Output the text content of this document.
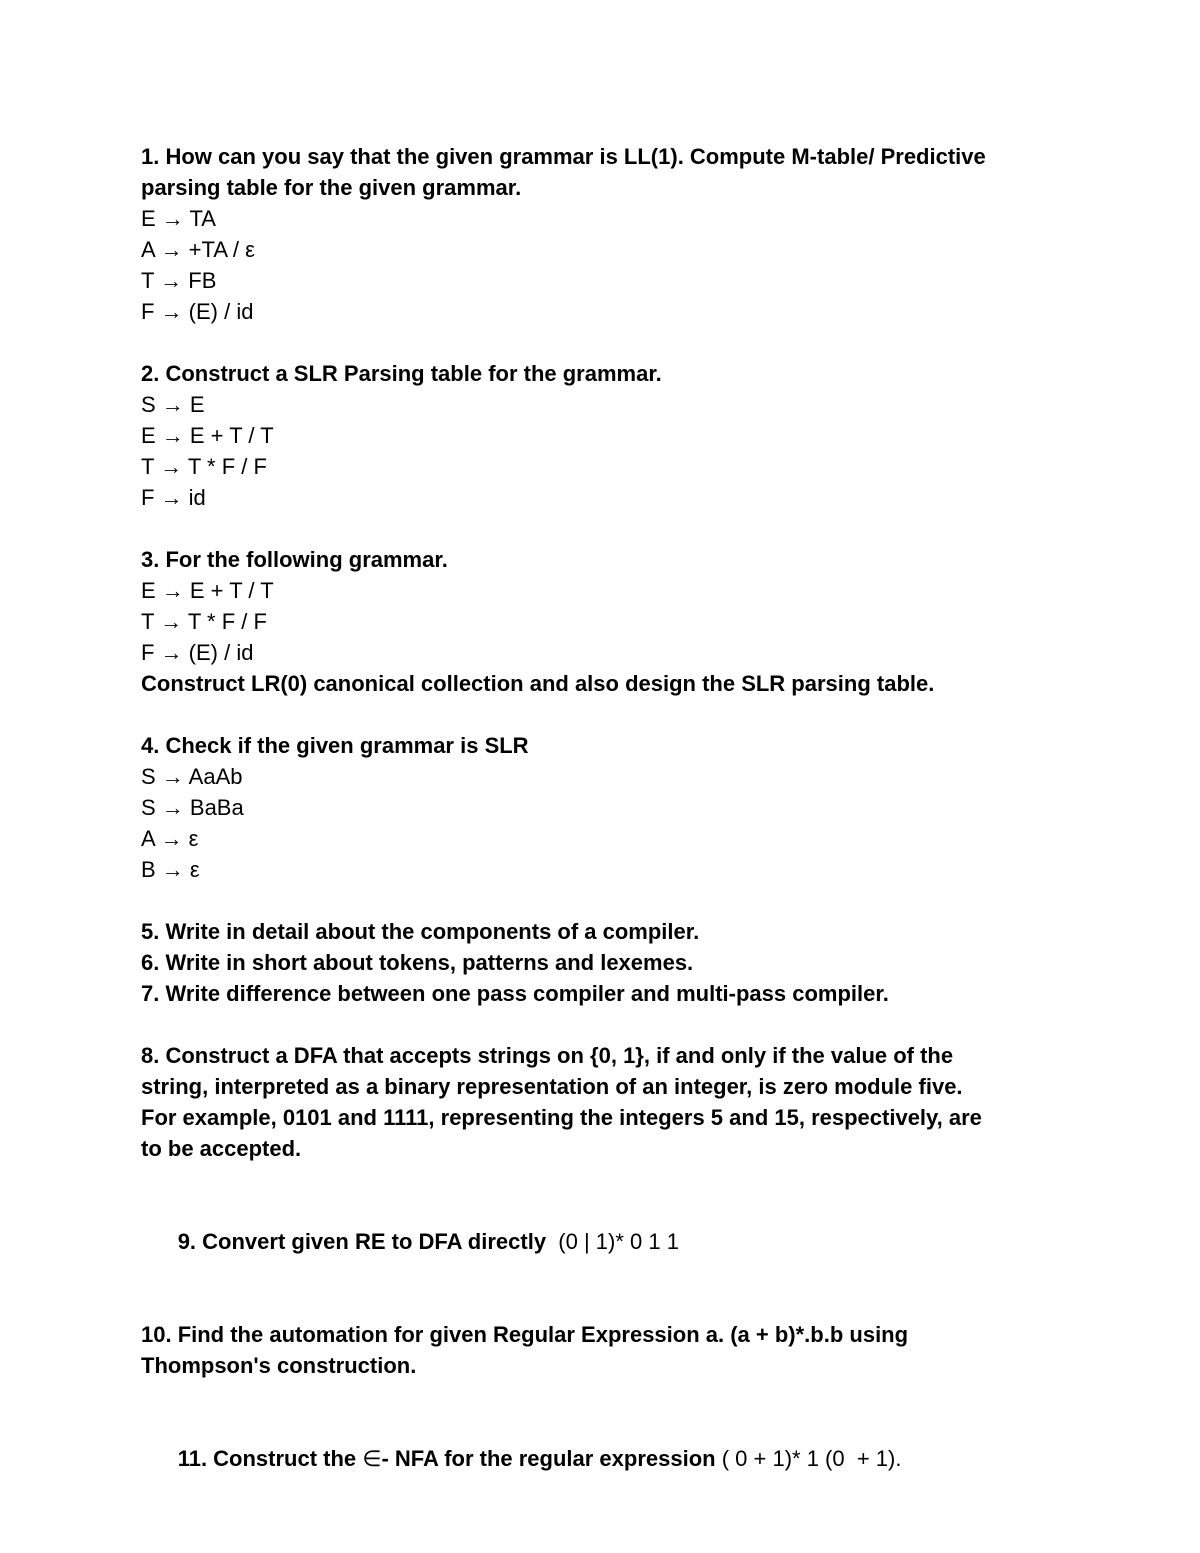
1. How can you say that the given grammar is LL(1). Compute M-table/ Predictive
parsing table for the given grammar.
E → TA
A → +TA / ε
T → FB
F → (E) / id
2. Construct a SLR Parsing table for the grammar.
S → E
E → E + T / T
T → T * F / F
F → id
3. For the following grammar.
E → E + T / T
T → T * F / F
F → (E) / id
Construct LR(0) canonical collection and also design the SLR parsing table.
4. Check if the given grammar is SLR
S → AaAb
S → BaBa
A → ε
B → ε
5. Write in detail about the components of a compiler.
6. Write in short about tokens, patterns and lexemes.
7. Write difference between one pass compiler and multi-pass compiler.
8. Construct a DFA that accepts strings on {0, 1}, if and only if the value of the
string, interpreted as a binary representation of an integer, is zero module five.
For example, 0101 and 1111, representing the integers 5 and 15, respectively, are
to be accepted.

9. Convert given RE to DFA directly  (0 | 1)* 0 1 1

10. Find the automation for given Regular Expression a. (a + b)*.b.b using
Thompson's construction.

11. Construct the ∈- NFA for the regular expression ( 0 + 1)* 1 (0  + 1).
